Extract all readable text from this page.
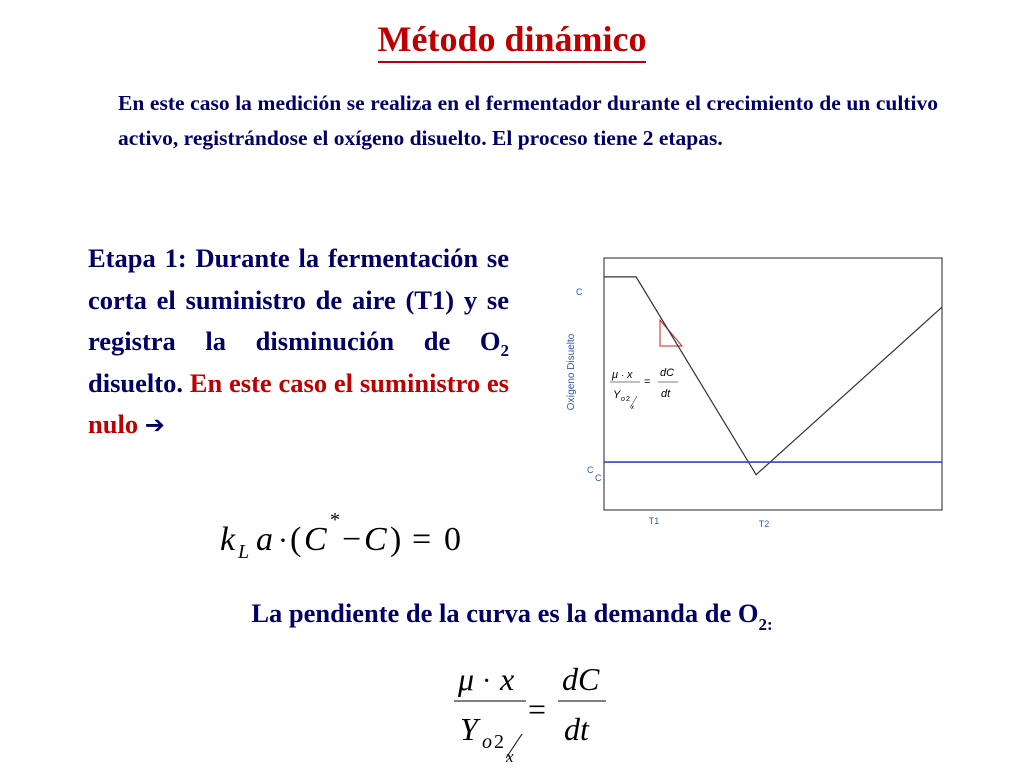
Método dinámico
En este caso la medición se realiza en el fermentador durante el crecimiento de un cultivo activo, registrándose el oxígeno disuelto. El proceso tiene 2 etapas.
Etapa 1: Durante la fermentación se corta el suministro de aire (T1) y se registra la disminución de $O_2$ disuelto. En este caso el suministro es nulo ➔
k L a · ( C
*
− C ) = 0
La pendiente de la curva es la demanda de $O_{2:}$
μ · x
Y o 2
x
=
dC
dt
Oxígeno Disuelto
C
C
C
T1	T2
μ · x
Y o 2
x
=
dC
dt
